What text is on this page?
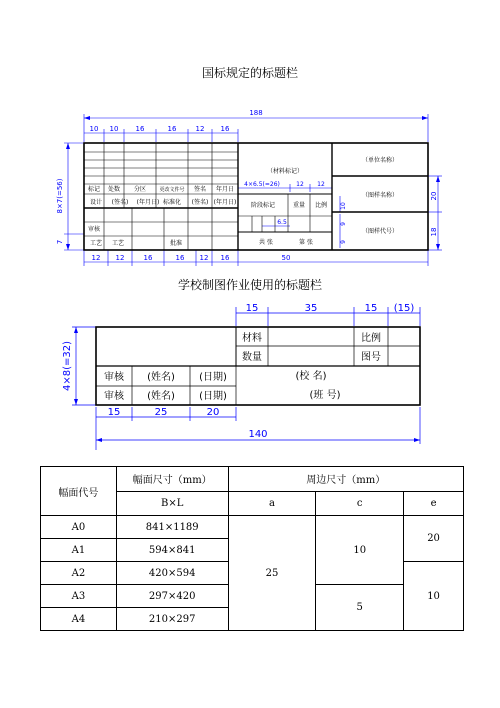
国标规定的标题栏
188
10 10 16	16	12 16
12 12	16	16 12 16	50
8×7(=56)
7
20
18
4×6.5(=26)	12 12
6.5
10
9
9
（材料标记）
（单位名称）
（图样名称）
（图样代号）
标记 处数 分区	更改文件号 签名 年月日
设计 (签名) (年月日) 标准化 (签名) (年月日) 阶段标记	重量 比例
审核
工艺 工艺	批准	共 张	第 张
学校制图作业使用的标题栏
15	35	15 (15)
15	25	20
140
4×8(=32)
材料	比例
数量	图号
审核 (姓名) (日期)	(校 名)
审核 (姓名) (日期)	(班 号)
幅面代号	幅面尺寸（mm）	周边尺寸（mm）		
	B×L	a	c	e
A0	841×1189	25	10	20
A1	594×841			
A2	420×594			10
A3	297×420		5	
A4	210×297			
